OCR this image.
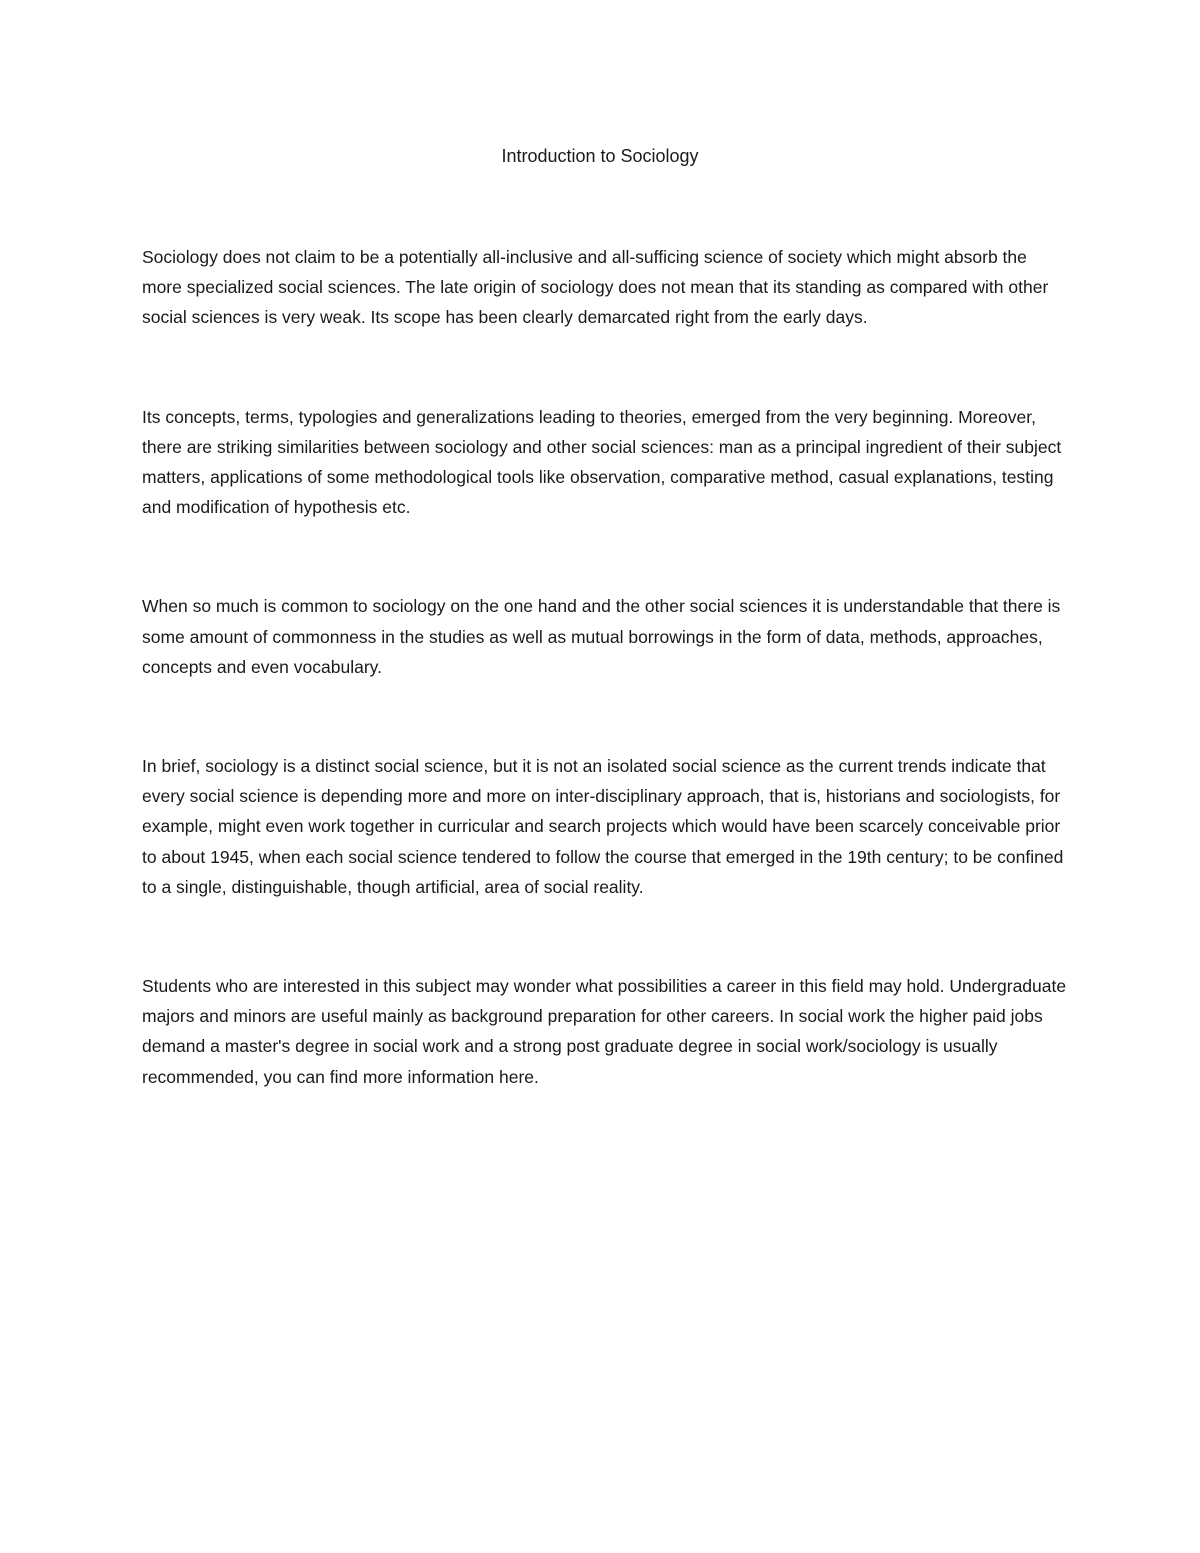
Introduction to Sociology

Sociology does not claim to be a potentially all-inclusive and all-sufficing science of society which might absorb the more specialized social sciences. The late origin of sociology does not mean that its standing as compared with other social sciences is very weak. Its scope has been clearly demarcated right from the early days.

Its concepts, terms, typologies and generalizations leading to theories, emerged from the very beginning. Moreover, there are striking similarities between sociology and other social sciences: man as a principal ingredient of their subject matters, applications of some methodological tools like observation, comparative method, casual explanations, testing and modification of hypothesis etc.

When so much is common to sociology on the one hand and the other social sciences it is understandable that there is some amount of commonness in the studies as well as mutual borrowings in the form of data, methods, approaches, concepts and even vocabulary.

In brief, sociology is a distinct social science, but it is not an isolated social science as the current trends indicate that every social science is depending more and more on inter-disciplinary approach, that is, historians and sociologists, for example, might even work together in curricular and search projects which would have been scarcely conceivable prior to about 1945, when each social science tendered to follow the course that emerged in the 19th century; to be confined to a single, distinguishable, though artificial, area of social reality.

Students who are interested in this subject may wonder what possibilities a career in this field may hold. Undergraduate majors and minors are useful mainly as background preparation for other careers. In social work the higher paid jobs demand a master's degree in social work and a strong post graduate degree in social work/sociology is usually recommended, you can find more information here.
